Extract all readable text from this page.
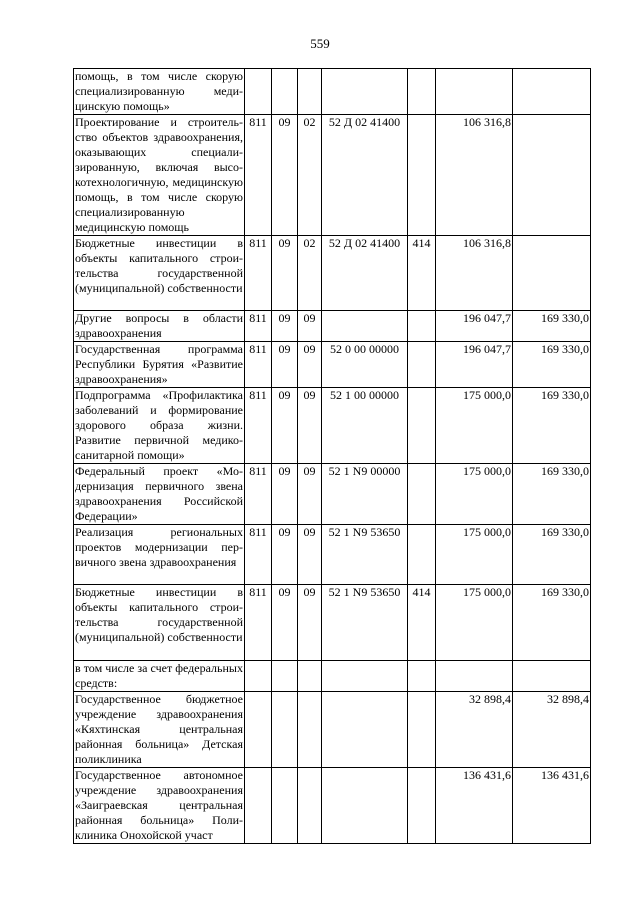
559
помощь, в том числе скорую специализированную медицинскую помощь»							
Проектирование и строительство объектов здравоохранения, оказывающих специализированную, включая высокотехнологичную, медицинскую помощь, в том числе скорую специализированную медицинскую помощь	811	09	02	52 Д 02 41400		106 316,8	
Бюджетные инвестиции в объекты капитального строительства государственной (муниципальной) собственности	811	09	02	52 Д 02 41400	414	106 316,8	
Другие вопросы в области здравоохранения	811	09	09			196 047,7	169 330,0
Государственная программа Республики Бурятия «Развитие здравоохранения»	811	09	09	52 0 00 00000		196 047,7	169 330,0
Подпрограмма «Профилактика заболеваний и формирование здорового образа жизни. Развитие первичной медико-санитарной помощи»	811	09	09	52 1 00 00000		175 000,0	169 330,0
Федеральный проект «Модернизация первичного звена здравоохранения Российской Федерации»	811	09	09	52 1 N9 00000		175 000,0	169 330,0
Реализация региональных проектов модернизации первичного звена здравоохранения	811	09	09	52 1 N9 53650		175 000,0	169 330,0
Бюджетные инвестиции в объекты капитального строительства государственной (муниципальной) собственности	811	09	09	52 1 N9 53650	414	175 000,0	169 330,0
в том числе за счет федеральных средств:							
Государственное бюджетное учреждение здравоохранения «Кяхтинская центральная районная больница» Детская поликлиника						32 898,4	32 898,4
Государственное автономное учреждение здравоохранения «Заиграевская центральная районная больница» Поликлиника Онохойской участ						136 431,6	136 431,6
